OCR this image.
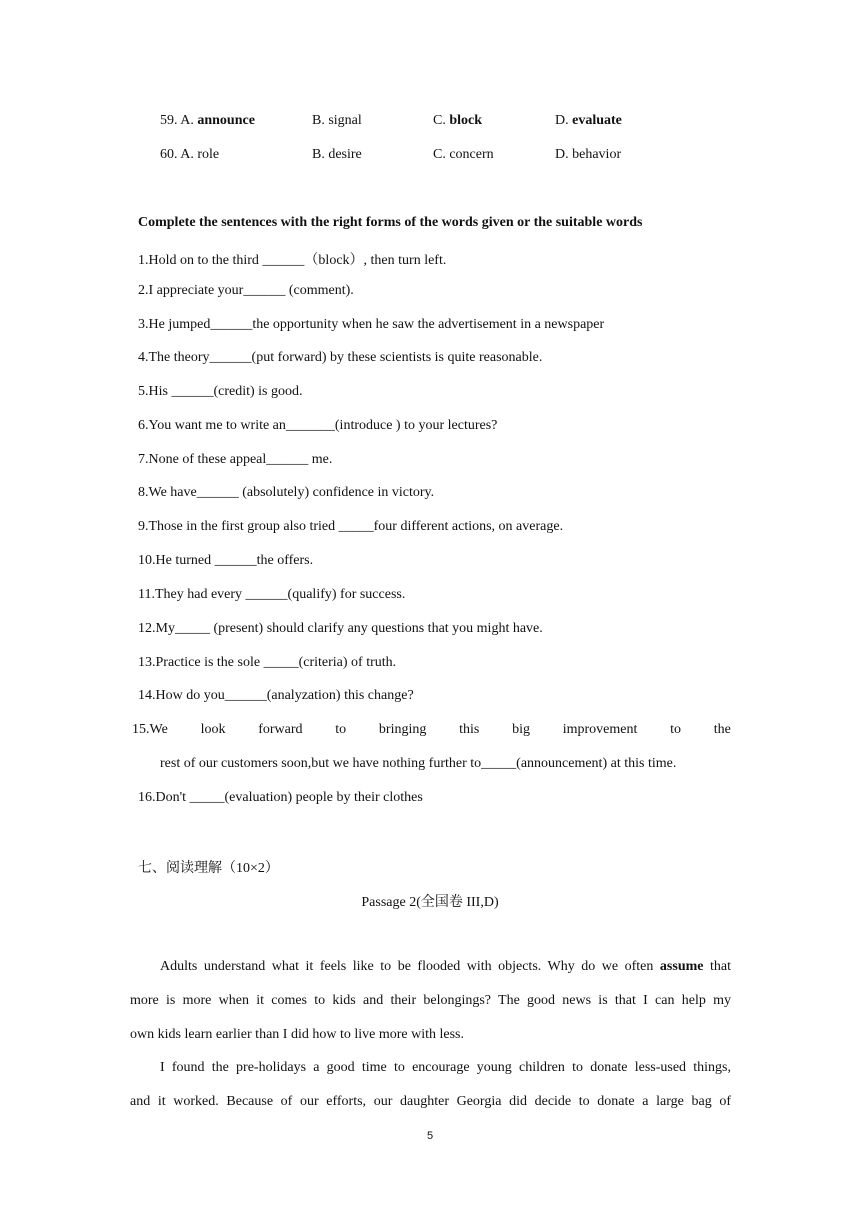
59. A. announce	B. signal	C. block	D. evaluate
60. A. role	B. desire	C. concern	D. behavior
Complete the sentences with the right forms of the words given or the suitable words
1.Hold on to the third ______（block）, then turn left.
2.I appreciate your______ (comment).
3.He jumped______the opportunity when he saw the advertisement in a newspaper
4.The theory______(put forward) by these scientists is quite reasonable.
5.His ______(credit) is good.
6.You want me to write an_______(introduce ) to your lectures?
7.None of these appeal______ me.
8.We have______ (absolutely) confidence in victory.
9.Those in the first group also tried _____four different actions, on average.
10.He turned ______the offers.
11.They had every ______(qualify) for success.
12.My_____ (present) should clarify any questions that you might have.
13.Practice is the sole _____(criteria) of truth.
14.How do you______(analyzation) this change?
15.We look forward to bringing this big improvement to the
rest of our customers soon,but we have nothing further to_____(announcement) at this time.
16.Don't _____(evaluation) people by their clothes
七、阅读理解（10×2）
Passage 2(全国卷 III,D)
Adults understand what it feels like to be flooded with objects. Why do we often assume that
more is more when it comes to kids and their belongings? The good news is that I can help my
own kids learn earlier than I did how to live more with less.
I found the pre-holidays a good time to encourage young children to donate less-used things,
and it worked. Because of our efforts, our daughter Georgia did decide to donate a large bag of
5
